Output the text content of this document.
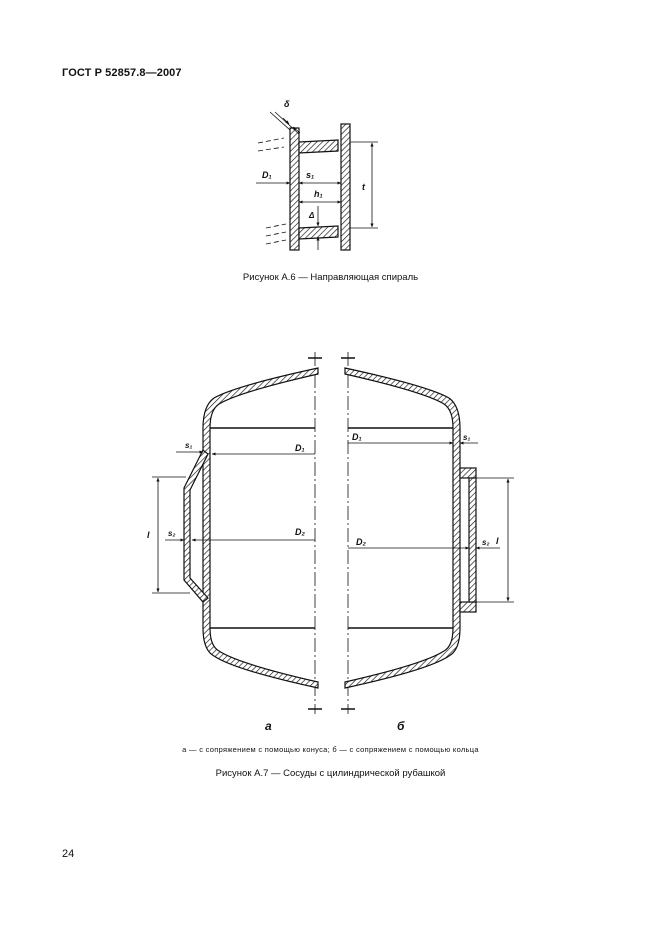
ГОСТ Р 52857.8—2007
δ
D₁	s₁
h₁
Δ
t
s₁	D₁
l s₂	D₂
D₁	s₁
D₂	s₂ l
а	б
Рисунок А.6 — Направляющая спираль
а — с сопряжением с помощью конуса; б — с сопряжением с помощью кольца
Рисунок А.7 — Сосуды с цилиндрической рубашкой
24
